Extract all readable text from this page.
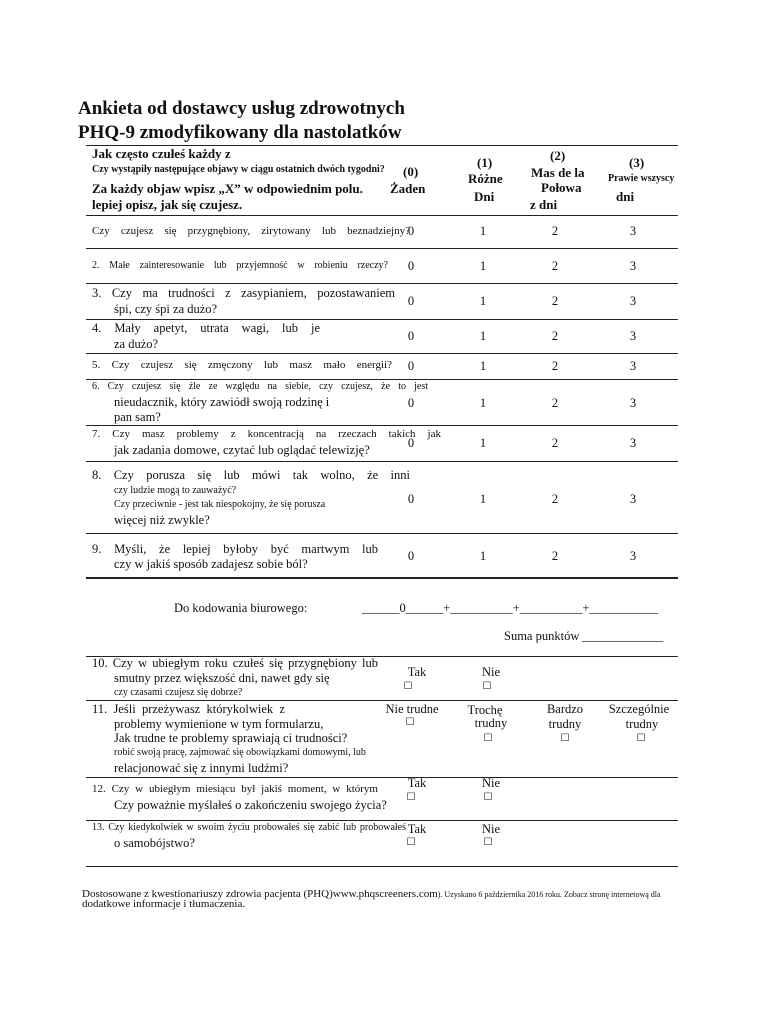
Ankieta od dostawcy usług zdrowotnych
PHQ-9 zmodyfikowany dla nastolatków
Jak często czułeś każdy z
Czy wystąpiły następujące objawy w ciągu ostatnich dwóch tygodni?
Za każdy objaw wpisz „X” w odpowiednim polu.
lepiej opisz, jak się czujesz.
(0)
Żaden
(1)
Różne
Dni
(2)
Mas de la
Połowa
z dni
(3)
Prawie wszyscy
dni
Czy czujesz się przygnębiony, zirytowany lub beznadziejny?
0	1	2	3
2. Małe zainteresowanie lub przyjemność w robieniu rzeczy?	0	1	2	3
3. Czy ma trudności z zasypianiem, pozostawaniem
śpi, czy śpi za dużo?
0	1	2	3
4. Mały apetyt, utrata wagi, lub je
za dużo?
0	1	2	3
5. Czy czujesz się zmęczony lub masz mało energii?	0	1	2	3
6. Czy czujesz się źle ze względu na siebie, czy czujesz, że to jest
nieudacznik, który zawiódł swoją rodzinę i
pan sam?
0	1	2	3
7. Czy masz problemy z koncentracją na rzeczach takich jak
jak zadania domowe, czytać lub oglądać telewizję?	0	1	2	3
8. Czy porusza się lub mówi tak wolno, że inni
czy ludzie mogą to zauważyć?
Czy przeciwnie - jest tak niespokojny, że się porusza
więcej niż zwykle?
0	1	2	3
9. Myśli, że lepiej byłoby być martwym lub
czy w jakiś sposób zadajesz sobie ból?
0	1	2	3
Do kodowania biurowego:	______0______+__________+__________+___________
Suma punktów _____________
10. Czy w ubiegłym roku czułeś się przygnębiony lub
smutny przez większość dni, nawet gdy się
czy czasami czujesz się dobrze?
Tak
☐
Nie
☐
11. Jeśli przeżywasz którykolwiek z
problemy wymienione w tym formularzu,
Jak trudne te problemy sprawiają ci trudności?
robić swoją pracę, zajmować się obowiązkami domowymi, lub
relacjonować się z innymi ludźmi?
Nie trudne
☐
Trochę
trudny
☐
Bardzo
trudny
☐
Szczególnie
trudny
☐
12. Czy w ubiegłym miesiącu był jakiś moment, w którym
Czy poważnie myślałeś o zakończeniu swojego życia?
Tak
☐
Nie
☐
13. Czy kiedykolwiek w swoim życiu probowałeś się zabić lub probowałeś
o samobójstwo?
Tak
☐
Nie
☐
Dostosowane z kwestionariuszy zdrowia pacjenta (PHQ)www.phqscreeners.com). Uzyskano 6 października 2016 roku. Zobacz stronę internetową dla
dodatkowe informacje i tłumaczenia.
